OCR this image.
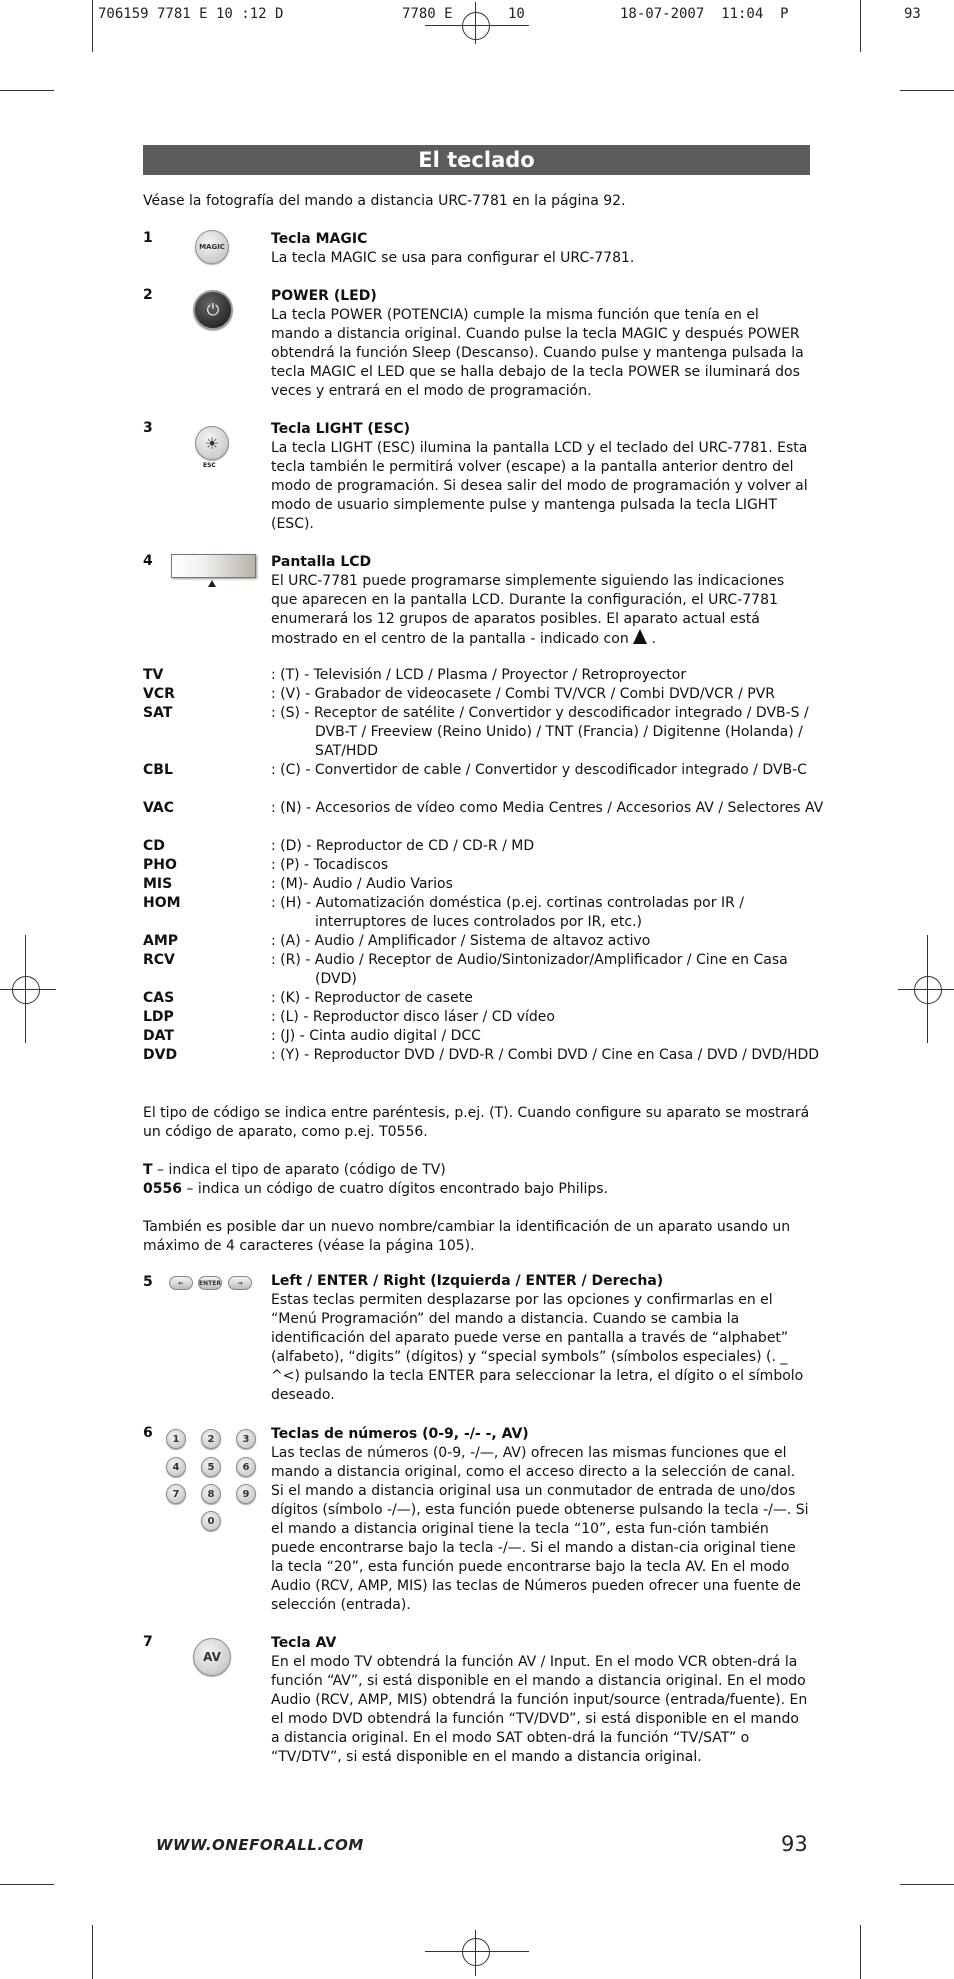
706159 7781 E 10 :12 D	7780 E	10	18-07-2007  11:04  P	93
El teclado
Véase la fotografía del mando a distancia URC-7781 en la página 92.
1
MAGIC	Tecla MAGIC
La tecla MAGIC se usa para configurar el URC-7781.
2
⏻
POWER (LED)
La tecla POWER (POTENCIA) cumple la misma función que tenía en el mando a distancia original. Cuando pulse la tecla MAGIC y después POWER obtendrá la función Sleep (Descanso). Cuando pulse y mantenga pulsada la tecla MAGIC el LED que se halla debajo de la tecla POWER se iluminará dos veces y entrará en el modo de programación.
3
☀
ESC
Tecla LIGHT (ESC)
La tecla LIGHT (ESC) ilumina la pantalla LCD y el teclado del URC-7781. Esta tecla también le permitirá volver (escape) a la pantalla anterior dentro del modo de programación. Si desea salir del modo de programación y volver al modo de usuario simplemente pulse y mantenga pulsada la tecla LIGHT (ESC).
4	Pantalla LCD
El URC-7781 puede programarse simplemente siguiendo las indicaciones que aparecen en la pantalla LCD. Durante la configuración, el URC-7781 enumerará los 12 grupos de aparatos posibles. El aparato actual está mostrado en el centro de la pantalla - indicado con .
TV	: (T) - Televisión / LCD / Plasma / Proyector / Retroproyector
VCR	: (V) - Grabador de videocasete / Combi TV/VCR / Combi DVD/VCR / PVR
SAT	: (S) - Receptor de satélite / Convertidor y descodificador integrado / DVB-S / DVB-T / Freeview (Reino Unido) / TNT (Francia) / Digitenne (Holanda) / SAT/HDD
CBL	: (C) - Convertidor de cable / Convertidor y descodificador integrado / DVB-C
VAC	: (N) - Accesorios de vídeo como Media Centres / Accesorios AV / Selectores AV
CD	: (D) - Reproductor de CD / CD-R / MD
PHO	: (P) - Tocadiscos
MIS	: (M)- Audio / Audio Varios
HOM	: (H) - Automatización doméstica (p.ej. cortinas controladas por IR / interruptores de luces controlados por IR, etc.)
AMP	: (A) - Audio / Amplificador / Sistema de altavoz activo
RCV	: (R) - Audio / Receptor de Audio/Sintonizador/Amplificador / Cine en Casa (DVD)
CAS	: (K) - Reproductor de casete
LDP	: (L) - Reproductor disco láser / CD vídeo
DAT	: (J) - Cinta audio digital / DCC
DVD	: (Y) - Reproductor DVD / DVD-R / Combi DVD / Cine en Casa / DVD / DVD/HDD
El tipo de código se indica entre paréntesis, p.ej. (T). Cuando configure su aparato se mostrará un código de aparato, como p.ej. T0556.
T – indica el tipo de aparato (código de TV)
0556 – indica un código de cuatro dígitos encontrado bajo Philips.
También es posible dar un nuevo nombre/cambiar la identificación de un aparato usando un máximo de 4 caracteres (véase la página 105).
5	←	ENTER	→	Left / ENTER / Right (Izquierda / ENTER / Derecha)
Estas teclas permiten desplazarse por las opciones y confirmarlas en el “Menú Programación” del mando a distancia. Cuando se cambia la identificación del aparato puede verse en pantalla a través de “alphabet” (alfabeto), “digits” (dígitos) y “special symbols” (símbolos especiales) (. _ ^<) pulsando la tecla ENTER para seleccionar la letra, el dígito o el símbolo deseado.
6	1	2	3
4	5	6
7	8	9
0
Teclas de números (0-9, -/- -, AV)
Las teclas de números (0-9, -/—, AV) ofrecen las mismas funciones que el mando a distancia original, como el acceso directo a la selección de canal. Si el mando a distancia original usa un conmutador de entrada de uno/dos dígitos (símbolo -/—), esta función puede obtenerse pulsando la tecla -/—. Si el mando a distancia original tiene la tecla “10”, esta fun-ción también puede encontrarse bajo la tecla -/—. Si el mando a distan-cia original tiene la tecla “20”, esta función puede encontrarse bajo la tecla AV. En el modo Audio (RCV, AMP, MIS) las teclas de Números pueden ofrecer una fuente de selección (entrada).
7
AV
Tecla AV
En el modo TV obtendrá la función AV / Input. En el modo VCR obten-drá la función “AV”, si está disponible en el mando a distancia original. En el modo Audio (RCV, AMP, MIS) obtendrá la función input/source (entrada/fuente). En el modo DVD obtendrá la función “TV/DVD”, si está disponible en el mando a distancia original. En el modo SAT obten-drá la función “TV/SAT” o “TV/DTV”, si está disponible en el mando a distancia original.
WWW.ONEFORALL.COM	93
